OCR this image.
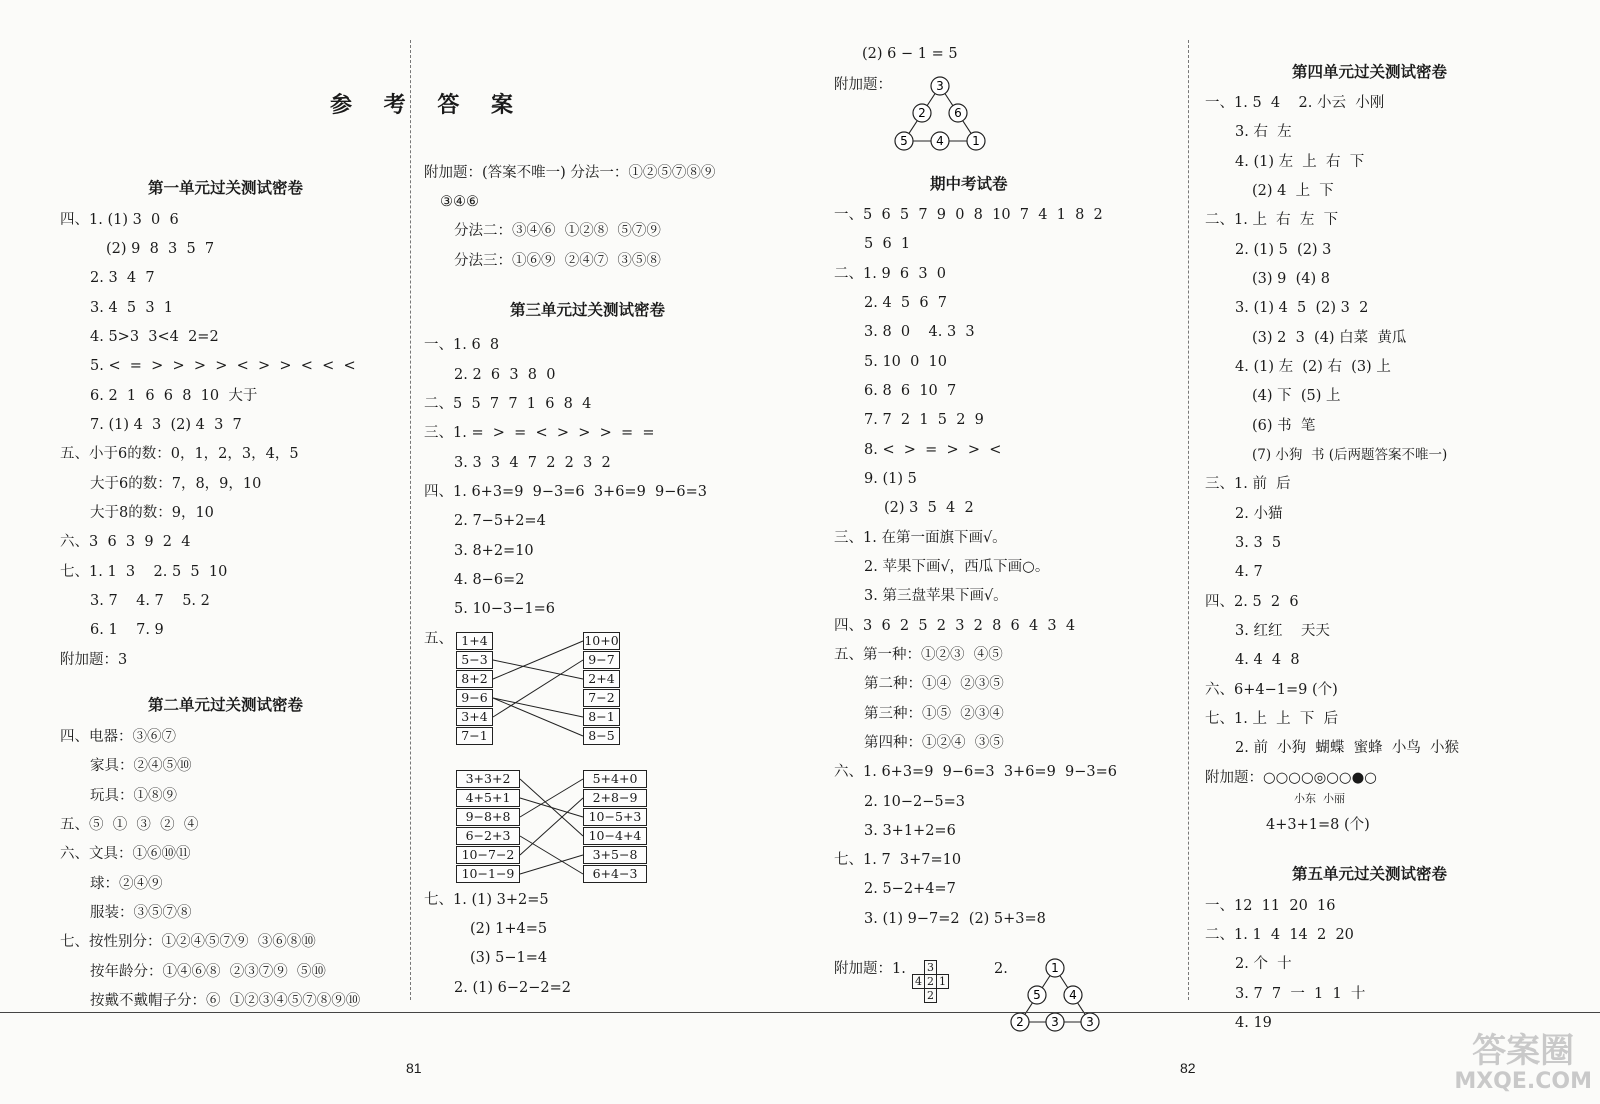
参 考 答 案
第一单元过关测试密卷
四、1. (1) 3  0  6
(2) 9  8  3  5  7
2. 3  4  7
3. 4  5  3  1
4. 5>3  3<4  2=2
5. <  =  >  >  >  >  <  >  >  <  <  <
6. 2  1  6  6  8  10  大于
7. (1) 4  3  (2) 4  3  7
五、小于6的数：0，1，2，3，4，5
大于6的数：7，8，9，10
大于8的数：9，10
六、3  6  3  9  2  4
七、1. 1  3    2. 5  5  10
3. 7    4. 7    5. 2
6. 1    7. 9
附加题：3
第二单元过关测试密卷
四、电器：③⑥⑦
家具：②④⑤⑩
玩具：①⑧⑨
五、⑤  ①  ③  ②  ④
六、文具：①⑥⑩⑪
球：②④⑨
服装：③⑤⑦⑧
七、按性别分：①②④⑤⑦⑨  ③⑥⑧⑩
按年龄分：①④⑥⑧  ②③⑦⑨  ⑤⑩
按戴不戴帽子分：⑥  ①②③④⑤⑦⑧⑨⑩
附加题：(答案不唯一) 分法一：①②⑤⑦⑧⑨
③④⑥
分法二：③④⑥  ①②⑧  ⑤⑦⑨
分法三：①⑥⑨  ②④⑦  ③⑤⑧
第三单元过关测试密卷
一、1. 6  8
2. 2  6  3  8  0
二、5  5  7  7  1  6  8  4
三、1. =  >  =  <  >  >  >  =  =
3. 3  3  4  7  2  2  3  2
四、1. 6+3=9  9−3=6  3+6=9  9−6=3
2. 7−5+2=4
3. 8+2=10
4. 8−6=2
5. 10−3−1=6
五、 1+4
5−3
8+2
9−6
3+4
7−1
10+0
9−7
2+4
7−2
8−1
8−5
3+3+2
4+5+1
9−8+8
6−2+3
10−7−2
10−1−9
5+4+0
2+8−9
10−5+3
10−4+4
3+5−8
6+4−3
七、1. (1) 3+2=5
(2) 1+4=5
(3) 5−1=4
2. (1) 6−2−2=2
(2) 6 − 1 = 5
附加题：	3
2 6
5 4 1
期中考试卷
一、5  6  5  7  9  0  8  10  7  4  1  8  2
5  6  1
二、1. 9  6  3  0
2. 4  5  6  7
3. 8  0    4. 3  3
5. 10  0  10
6. 8  6  10  7
7. 7  2  1  5  2  9
8. <  >  =  >  >  <
9. (1) 5
(2) 3  5  4  2
三、1. 在第一面旗下画√。
2. 苹果下画√，西瓜下画○。
3. 第三盘苹果下画√。
四、3  6  2  5  2  3  2  8  6  4  3  4
五、第一种：①②③  ④⑤
第二种：①④  ②③⑤
第三种：①⑤  ②③④
第四种：①②④  ③⑤
六、1. 6+3=9  9−6=3  3+6=9  9−3=6
2. 10−2−5=3
3. 3+1+2=6
七、1. 7  3+7=10
2. 5−2+4=7
3. (1) 9−7=2  (2) 5+3=8
附加题：1.
	3	
4	2	1
	2	
2.	1
5 4
2 3 3
第四单元过关测试密卷
一、1. 5  4    2. 小云  小刚
3. 右  左
4. (1) 左  上  右  下
(2) 4  上  下
二、1. 上  右  左  下
2. (1) 5  (2) 3
(3) 9  (4) 8
3. (1) 4  5  (2) 3  2
(3) 2  3  (4) 白菜  黄瓜
4. (1) 左  (2) 右  (3) 上
(4) 下  (5) 上
(6) 书  笔
(7) 小狗  书 (后两题答案不唯一)
三、1. 前  后
2. 小猫
3. 3  5
4. 7
四、2. 5  2  6
3. 红红    天天
4. 4  4  8
六、6+4−1=9 (个)
七、1. 上  上  下  后
2. 前  小狗  蝴蝶  蜜蜂  小鸟  小猴
附加题：○○○○◎○○●○
小东  小丽
4+3+1=8 (个)
第五单元过关测试密卷
一、12  11  20  16
二、1. 1  4  14  2  20
2. 个  十
3. 7  7  一  1  1  十
4. 19
81	82	答案圈
MXQE.COM
